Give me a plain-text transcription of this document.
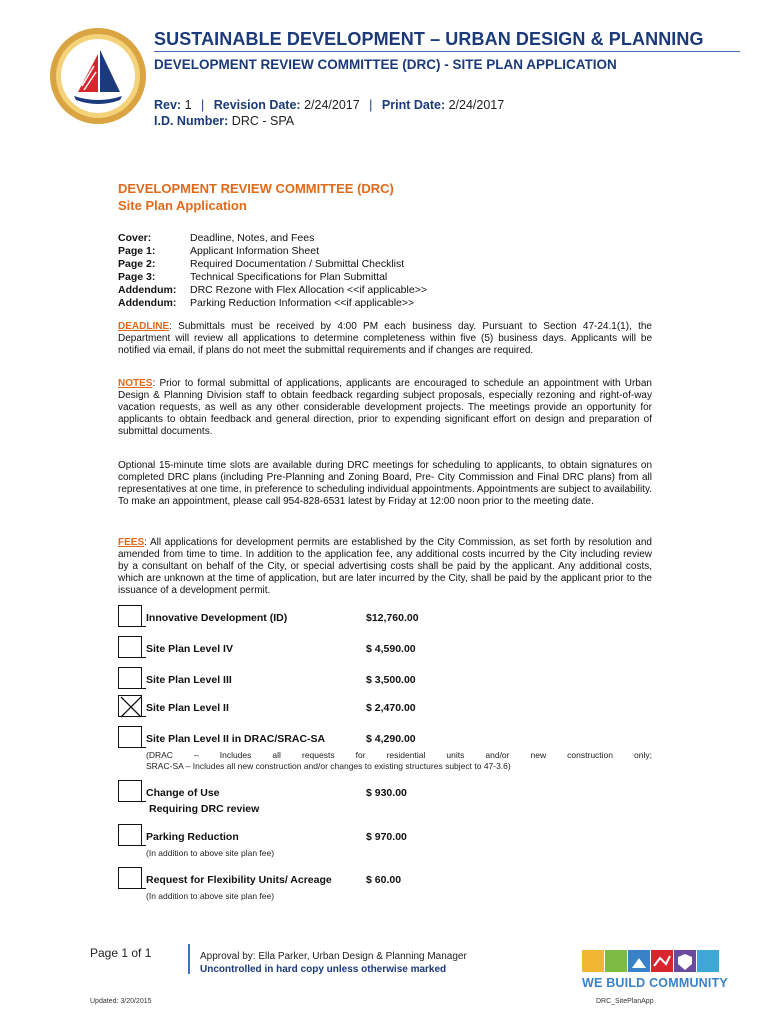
SUSTAINABLE DEVELOPMENT – URBAN DESIGN & PLANNING
DEVELOPMENT REVIEW COMMITTEE (DRC) - SITE PLAN APPLICATION
Rev: 1 | Revision Date: 2/24/2017 | Print Date: 2/24/2017
I.D. Number: DRC - SPA
DEVELOPMENT REVIEW COMMITTEE (DRC)
Site Plan Application
Cover:	Deadline, Notes, and Fees
Page 1:	Applicant Information Sheet
Page 2:	Required Documentation / Submittal Checklist
Page 3:	Technical Specifications for Plan Submittal
Addendum:	DRC Rezone with Flex Allocation <<if applicable>>
Addendum:	Parking Reduction Information <<if applicable>>
DEADLINE: Submittals must be received by 4:00 PM each business day. Pursuant to Section 47-24.1(1), the Department will review all applications to determine completeness within five (5) business days. Applicants will be notified via email, if plans do not meet the submittal requirements and if changes are required.
NOTES: Prior to formal submittal of applications, applicants are encouraged to schedule an appointment with Urban Design & Planning Division staff to obtain feedback regarding subject proposals, especially rezoning and right-of-way vacation requests, as well as any other considerable development projects. The meetings provide an opportunity for applicants to obtain feedback and general direction, prior to expending significant effort on design and preparation of submittal documents.
Optional 15-minute time slots are available during DRC meetings for scheduling to applicants, to obtain signatures on completed DRC plans (including Pre-Planning and Zoning Board, Pre- City Commission and Final DRC plans) from all representatives at one time, in preference to scheduling individual appointments. Appointments are subject to availability. To make an appointment, please call 954-828-6531 latest by Friday at 12:00 noon prior to the meeting date.
FEES: All applications for development permits are established by the City Commission, as set forth by resolution and amended from time to time. In addition to the application fee, any additional costs incurred by the City including review by a consultant on behalf of the City, or special advertising costs shall be paid by the applicant. Any additional costs, which are unknown at the time of application, but are later incurred by the City, shall be paid by the applicant prior to the issuance of a development permit.
Innovative Development (ID)	$12,760.00
Site Plan Level IV	$ 4,590.00
Site Plan Level III	$ 3,500.00
Site Plan Level II	$ 2,470.00
Site Plan Level II in DRAC/SRAC-SA	$ 4,290.00
(DRAC – Includes all requests for residential units and/or new construction only;
SRAC-SA – Includes all new construction and/or changes to existing structures subject to 47-3.6)
Change of Use	$ 930.00
Requiring DRC review
Parking Reduction	$ 970.00
(In addition to above site plan fee)
Request for Flexibility Units/ Acreage	$ 60.00
(In addition to above site plan fee)
Page 1 of 1	Approval by: Ella Parker, Urban Design & Planning Manager
Uncontrolled in hard copy unless otherwise marked
Updated: 3/20/2015
WE BUILD COMMUNITY
DRC_SitePlanApp
